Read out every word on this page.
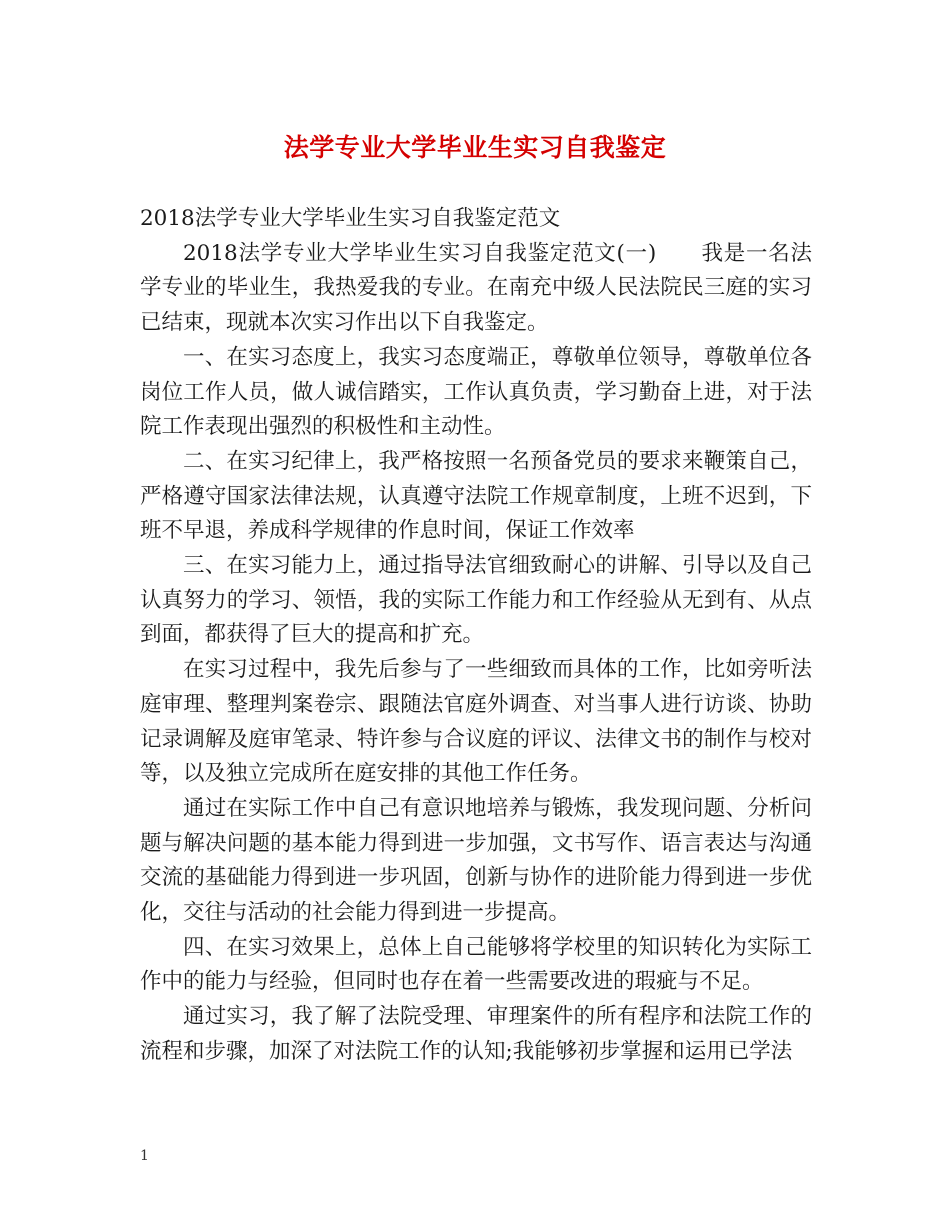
法学专业大学毕业生实习自我鉴定

2018法学专业大学毕业生实习自我鉴定范文

2018法学专业大学毕业生实习自我鉴定范文(一)　　我是一名法学专业的毕业生，我热爱我的专业。在南充中级人民法院民三庭的实习已结束，现就本次实习作出以下自我鉴定。

一、在实习态度上，我实习态度端正，尊敬单位领导，尊敬单位各岗位工作人员，做人诚信踏实，工作认真负责，学习勤奋上进，对于法院工作表现出强烈的积极性和主动性。

二、在实习纪律上，我严格按照一名预备党员的要求来鞭策自己，严格遵守国家法律法规，认真遵守法院工作规章制度，上班不迟到，下班不早退，养成科学规律的作息时间，保证工作效率

三、在实习能力上，通过指导法官细致耐心的讲解、引导以及自己认真努力的学习、领悟，我的实际工作能力和工作经验从无到有、从点到面，都获得了巨大的提高和扩充。

在实习过程中，我先后参与了一些细致而具体的工作，比如旁听法庭审理、整理判案卷宗、跟随法官庭外调查、对当事人进行访谈、协助记录调解及庭审笔录、特许参与合议庭的评议、法律文书的制作与校对等，以及独立完成所在庭安排的其他工作任务。

通过在实际工作中自己有意识地培养与锻炼，我发现问题、分析问题与解决问题的基本能力得到进一步加强，文书写作、语言表达与沟通交流的基础能力得到进一步巩固，创新与协作的进阶能力得到进一步优化，交往与活动的社会能力得到进一步提高。

四、在实习效果上，总体上自己能够将学校里的知识转化为实际工作中的能力与经验，但同时也存在着一些需要改进的瑕疵与不足。

通过实习，我了解了法院受理、审理案件的所有程序和法院工作的流程和步骤，加深了对法院工作的认知;我能够初步掌握和运用已学法

1
